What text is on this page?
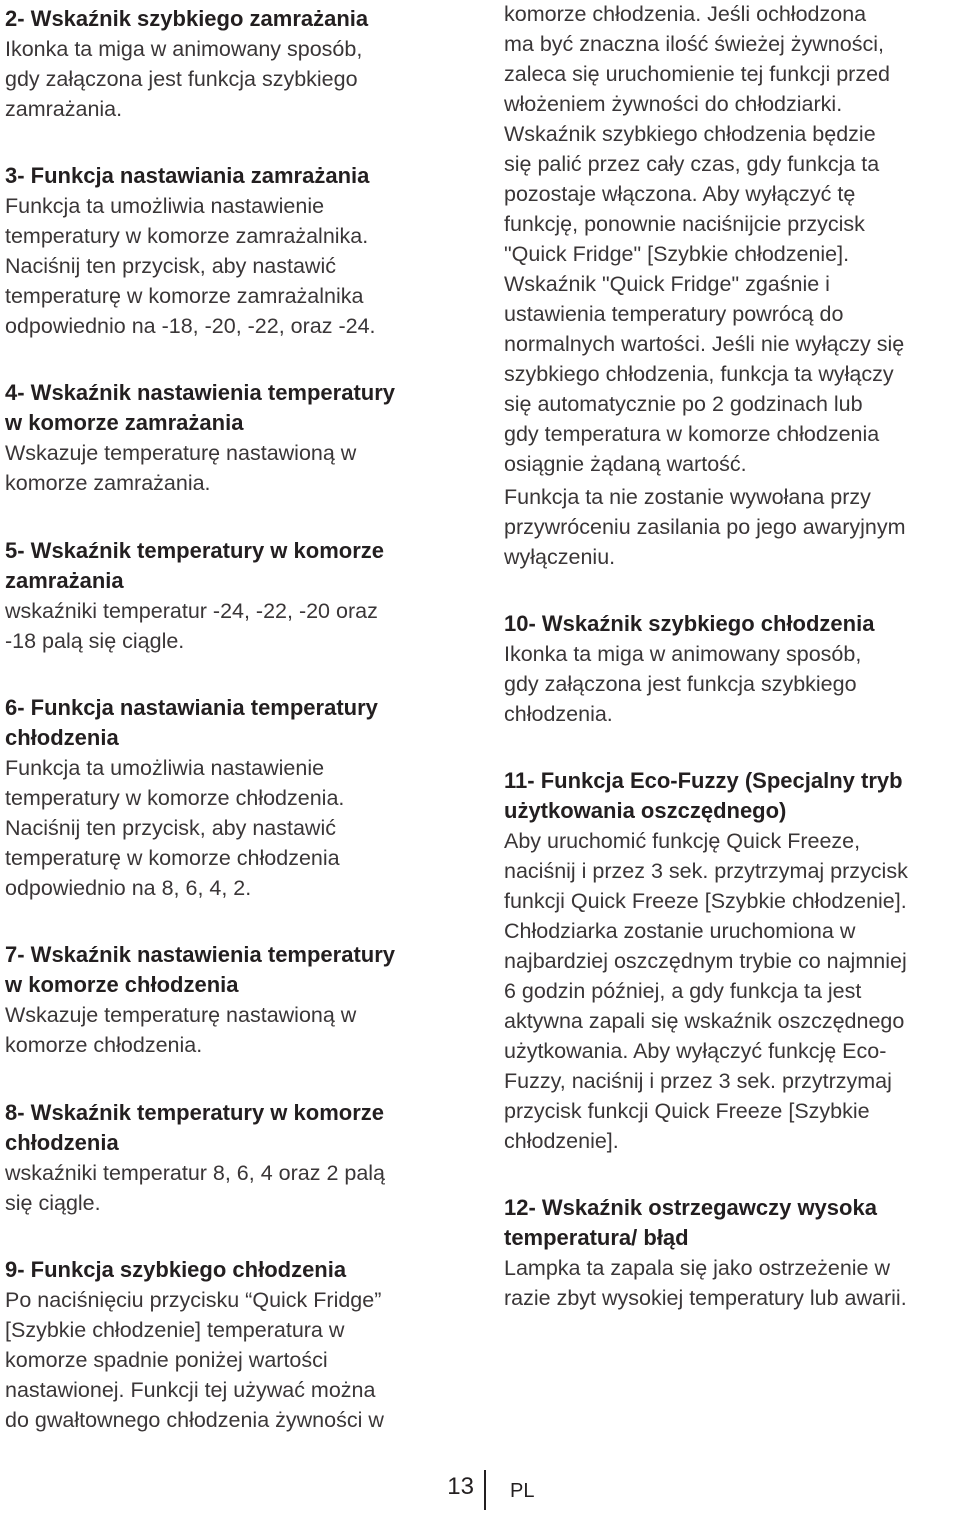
2- Wskaźnik szybkiego zamrażania

Ikonka ta miga w animowany sposób,
gdy załączona jest funkcja szybkiego
zamrażania.

3- Funkcja nastawiania zamrażania

Funkcja ta umożliwia nastawienie
temperatury w komorze zamrażalnika.
Naciśnij ten przycisk, aby nastawić
temperaturę w komorze zamrażalnika
odpowiednio na -18, -20, -22, oraz -24.

4- Wskaźnik nastawienia temperatury
w komorze zamrażania

Wskazuje temperaturę nastawioną w
komorze zamrażania.

5- Wskaźnik temperatury w komorze
zamrażania

wskaźniki temperatur -24, -22, -20 oraz
-18 palą się ciągle.

6- Funkcja nastawiania temperatury
chłodzenia

Funkcja ta umożliwia nastawienie
temperatury w komorze chłodzenia.
Naciśnij ten przycisk, aby nastawić
temperaturę w komorze chłodzenia
odpowiednio na 8, 6, 4, 2.

7- Wskaźnik nastawienia temperatury
w komorze chłodzenia

Wskazuje temperaturę nastawioną w
komorze chłodzenia.

8- Wskaźnik temperatury w komorze
chłodzenia

wskaźniki temperatur 8, 6, 4 oraz 2 palą
się ciągle.

9- Funkcja szybkiego chłodzenia

Po naciśnięciu przycisku “Quick Fridge”
[Szybkie chłodzenie] temperatura w
komorze spadnie poniżej wartości
nastawionej. Funkcji tej używać można
do gwałtownego chłodzenia żywności w

komorze chłodzenia. Jeśli ochłodzona
ma być znaczna ilość świeżej żywności,
zaleca się uruchomienie tej funkcji przed
włożeniem żywności do chłodziarki.
Wskaźnik szybkiego chłodzenia będzie
się palić przez cały czas, gdy funkcja ta
pozostaje włączona. Aby wyłączyć tę
funkcję, ponownie naciśnijcie przycisk
"Quick Fridge" [Szybkie chłodzenie].
Wskaźnik "Quick Fridge" zgaśnie i
ustawienia temperatury powrócą do
normalnych wartości. Jeśli nie wyłączy się
szybkiego chłodzenia, funkcja ta wyłączy
się automatycznie po 2 godzinach lub
gdy temperatura w komorze chłodzenia
osiągnie żądaną wartość.

Funkcja ta nie zostanie wywołana przy
przywróceniu zasilania po jego awaryjnym
wyłączeniu.

10- Wskaźnik szybkiego chłodzenia

Ikonka ta miga w animowany sposób,
gdy załączona jest funkcja szybkiego
chłodzenia.

11- Funkcja Eco-Fuzzy (Specjalny tryb
użytkowania oszczędnego)

Aby uruchomić funkcję Quick Freeze,
naciśnij i przez 3 sek. przytrzymaj przycisk
funkcji Quick Freeze [Szybkie chłodzenie].
Chłodziarka zostanie uruchomiona w
najbardziej oszczędnym trybie co najmniej
6 godzin później, a gdy funkcja ta jest
aktywna zapali się wskaźnik oszczędnego
użytkowania. Aby wyłączyć funkcję Eco-
Fuzzy, naciśnij i przez 3 sek. przytrzymaj
przycisk funkcji Quick Freeze [Szybkie
chłodzenie].

12- Wskaźnik ostrzegawczy wysoka
temperatura/ błąd

Lampka ta zapala się jako ostrzeżenie w
razie zbyt wysokiej temperatury lub awarii.

13 PL
